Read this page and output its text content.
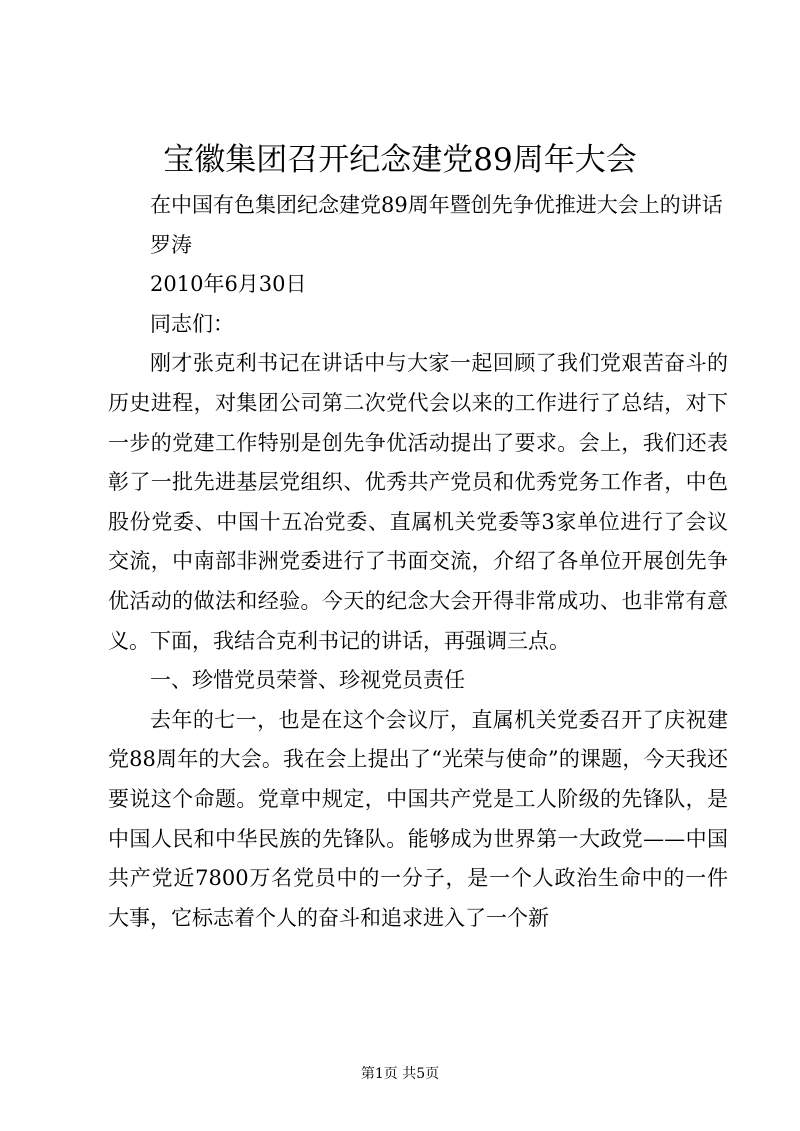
宝徽集团召开纪念建党89周年大会

在中国有色集团纪念建党89周年暨创先争优推进大会上的讲话

罗涛

2010年6月30日

同志们：

刚才张克利书记在讲话中与大家一起回顾了我们党艰苦奋斗的历史进程，对集团公司第二次党代会以来的工作进行了总结，对下一步的党建工作特别是创先争优活动提出了要求。会上，我们还表彰了一批先进基层党组织、优秀共产党员和优秀党务工作者，中色股份党委、中国十五冶党委、直属机关党委等3家单位进行了会议交流，中南部非洲党委进行了书面交流，介绍了各单位开展创先争优活动的做法和经验。今天的纪念大会开得非常成功、也非常有意义。下面，我结合克利书记的讲话，再强调三点。

一、珍惜党员荣誉、珍视党员责任

去年的七一，也是在这个会议厅，直属机关党委召开了庆祝建党88周年的大会。我在会上提出了“光荣与使命”的课题，今天我还要说这个命题。党章中规定，中国共产党是工人阶级的先锋队，是中国人民和中华民族的先锋队。能够成为世界第一大政党——中国共产党近7800万名党员中的一分子，是一个人政治生命中的一件大事，它标志着个人的奋斗和追求进入了一个新

第1页 共5页
